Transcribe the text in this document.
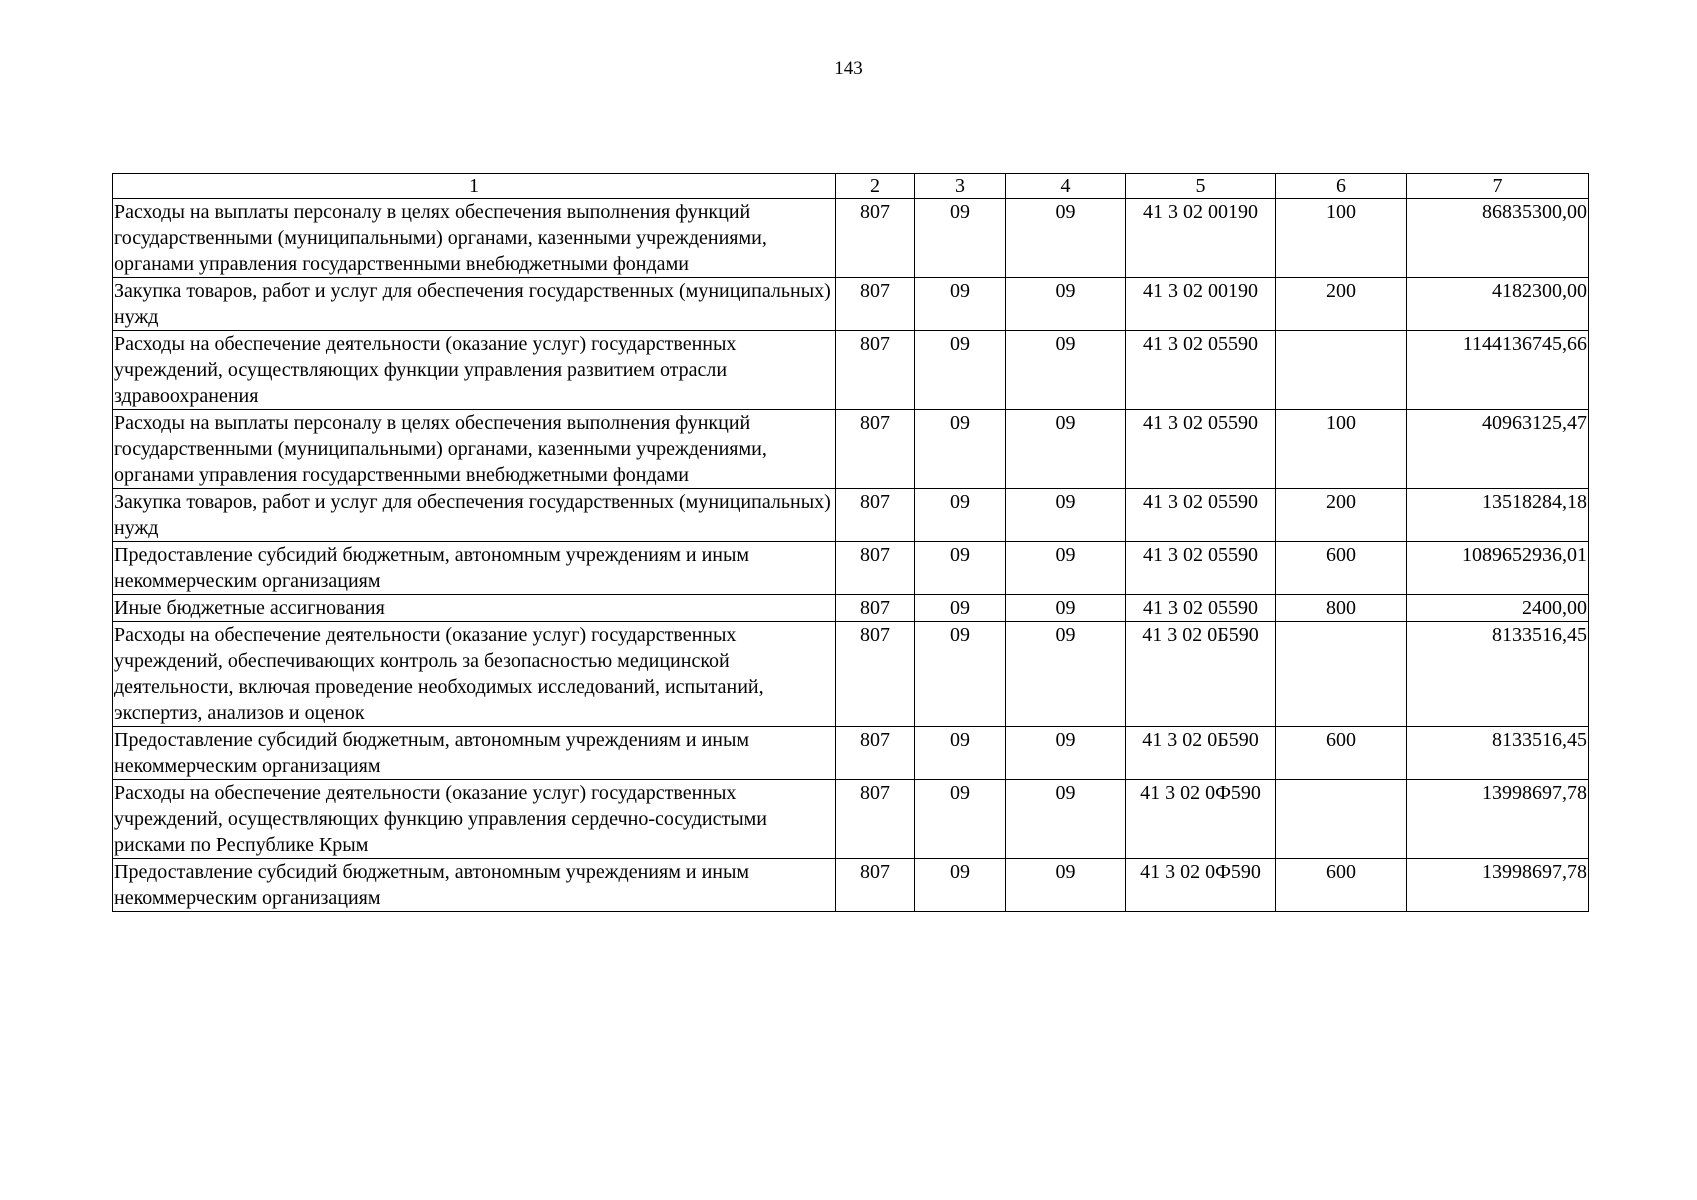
143
1	2	3	4	5	6	7
Расходы на выплаты персоналу в целях обеспечения выполнения функций государственными (муниципальными) органами, казенными учреждениями, органами управления государственными внебюджетными фондами	807	09	09	41 3 02 00190	100	86835300,00
Закупка товаров, работ и услуг для обеспечения государственных (муниципальных) нужд	807	09	09	41 3 02 00190	200	4182300,00
Расходы на обеспечение деятельности (оказание услуг) государственных учреждений, осуществляющих функции управления развитием отрасли здравоохранения	807	09	09	41 3 02 05590		1144136745,66
Расходы на выплаты персоналу в целях обеспечения выполнения функций государственными (муниципальными) органами, казенными учреждениями, органами управления государственными внебюджетными фондами	807	09	09	41 3 02 05590	100	40963125,47
Закупка товаров, работ и услуг для обеспечения государственных (муниципальных) нужд	807	09	09	41 3 02 05590	200	13518284,18
Предоставление субсидий бюджетным, автономным учреждениям и иным некоммерческим организациям	807	09	09	41 3 02 05590	600	1089652936,01
Иные бюджетные ассигнования	807	09	09	41 3 02 05590	800	2400,00
Расходы на обеспечение деятельности (оказание услуг) государственных учреждений, обеспечивающих контроль за безопасностью медицинской деятельности, включая проведение необходимых исследований, испытаний, экспертиз, анализов и оценок	807	09	09	41 3 02 0Б590		8133516,45
Предоставление субсидий бюджетным, автономным учреждениям и иным некоммерческим организациям	807	09	09	41 3 02 0Б590	600	8133516,45
Расходы на обеспечение деятельности (оказание услуг) государственных учреждений, осуществляющих функцию управления сердечно-сосудистыми рисками по Республике Крым	807	09	09	41 3 02 0Ф590		13998697,78
Предоставление субсидий бюджетным, автономным учреждениям и иным некоммерческим организациям	807	09	09	41 3 02 0Ф590	600	13998697,78
